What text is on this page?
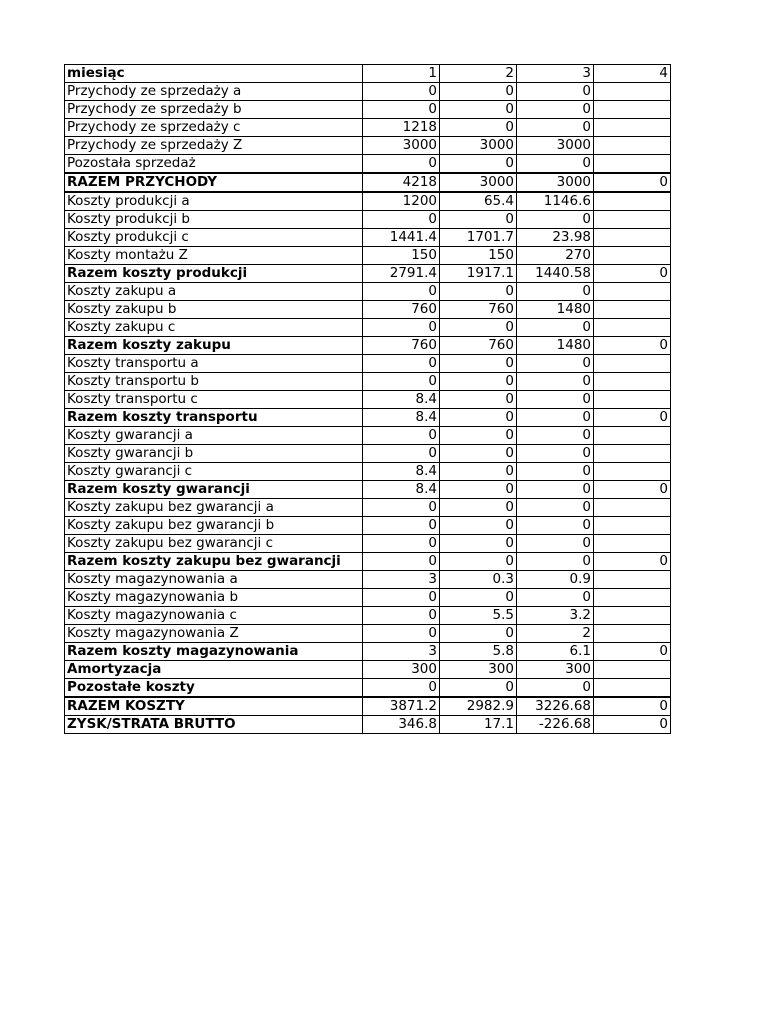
miesiąc	1	2	3	4
Przychody ze sprzedaży a	0	0	0	
Przychody ze sprzedaży b	0	0	0	
Przychody ze sprzedaży c	1218	0	0	
Przychody ze sprzedaży Z	3000	3000	3000	
Pozostała sprzedaż	0	0	0	
RAZEM PRZYCHODY	4218	3000	3000	0
Koszty produkcji a	1200	65.4	1146.6	
Koszty produkcji b	0	0	0	
Koszty produkcji c	1441.4	1701.7	23.98	
Koszty montażu Z	150	150	270	
Razem koszty produkcji	2791.4	1917.1	1440.58	0
Koszty zakupu a	0	0	0	
Koszty zakupu b	760	760	1480	
Koszty zakupu c	0	0	0	
Razem koszty zakupu	760	760	1480	0
Koszty transportu a	0	0	0	
Koszty transportu b	0	0	0	
Koszty transportu c	8.4	0	0	
Razem koszty transportu	8.4	0	0	0
Koszty gwarancji a	0	0	0	
Koszty gwarancji b	0	0	0	
Koszty gwarancji c	8.4	0	0	
Razem koszty gwarancji	8.4	0	0	0
Koszty zakupu bez gwarancji a	0	0	0	
Koszty zakupu bez gwarancji b	0	0	0	
Koszty zakupu bez gwarancji c	0	0	0	
Razem koszty zakupu bez gwarancji	0	0	0	0
Koszty magazynowania a	3	0.3	0.9	
Koszty magazynowania b	0	0	0	
Koszty magazynowania c	0	5.5	3.2	
Koszty magazynowania Z	0	0	2	
Razem koszty magazynowania	3	5.8	6.1	0
Amortyzacja	300	300	300	
Pozostałe koszty	0	0	0	
RAZEM KOSZTY	3871.2	2982.9	3226.68	0
ZYSK/STRATA BRUTTO	346.8	17.1	-226.68	0
